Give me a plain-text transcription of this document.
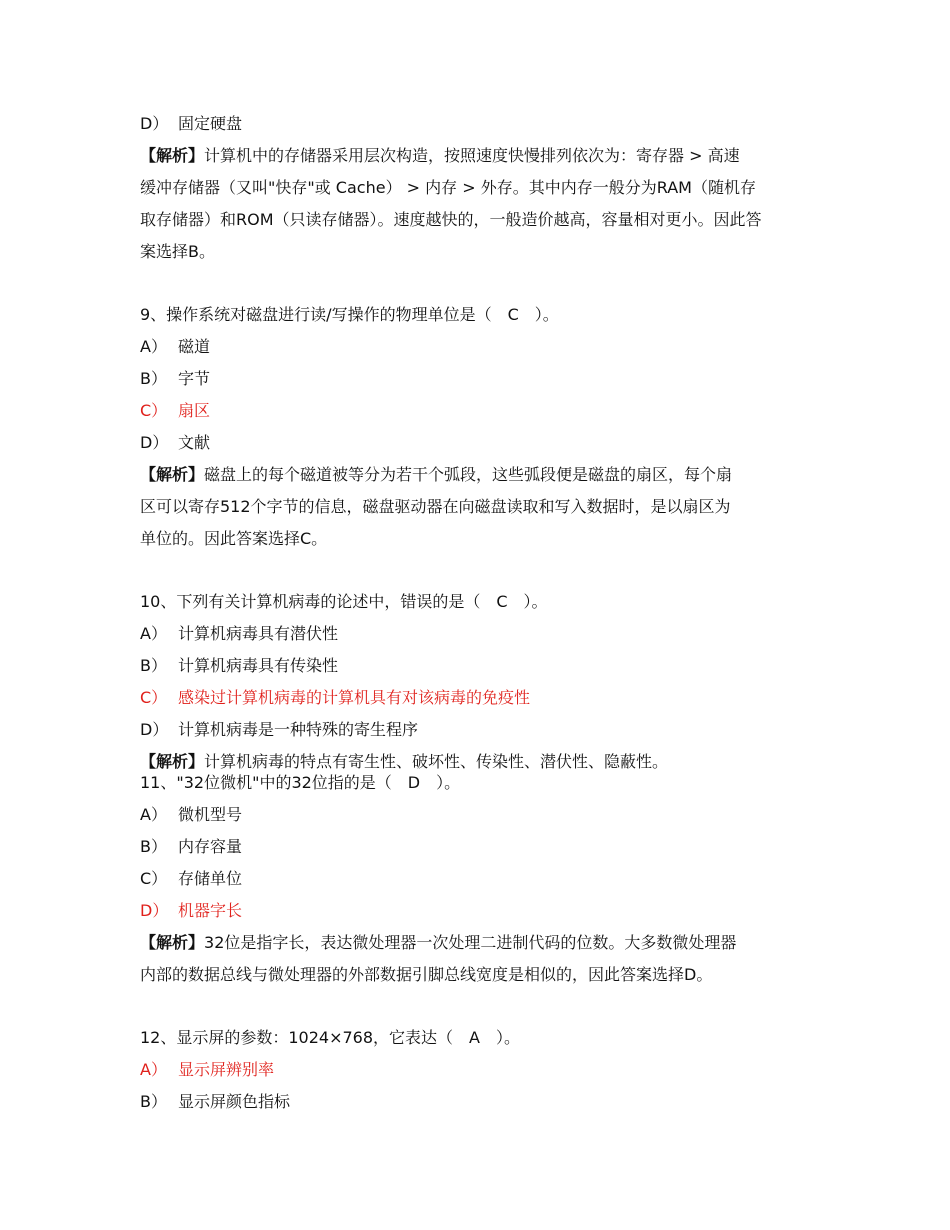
D） 固定硬盘
【解析】计算机中的存储器采用层次构造，按照速度快慢排列依次为：寄存器 > 高速
缓冲存储器（又叫"快存"或 Cache） > 内存 > 外存。其中内存一般分为RAM（随机存
取存储器）和ROM（只读存储器）。速度越快的，一般造价越高，容量相对更小。因此答
案选择B。
9、操作系统对磁盘进行读/写操作的物理单位是（　C　）。
A） 磁道
B） 字节
C） 扇区
D） 文献
【解析】磁盘上的每个磁道被等分为若干个弧段，这些弧段便是磁盘的扇区，每个扇
区可以寄存512个字节的信息，磁盘驱动器在向磁盘读取和写入数据时，是以扇区为
单位的。因此答案选择C。
10、下列有关计算机病毒的论述中，错误的是（　C　）。
A） 计算机病毒具有潜伏性
B） 计算机病毒具有传染性
C） 感染过计算机病毒的计算机具有对该病毒的免疫性
D） 计算机病毒是一种特殊的寄生程序
【解析】计算机病毒的特点有寄生性、破坏性、传染性、潜伏性、隐蔽性。
11、"32位微机"中的32位指的是（　D　）。
A） 微机型号
B） 内存容量
C） 存储单位
D） 机器字长
【解析】32位是指字长，表达微处理器一次处理二进制代码的位数。大多数微处理器
内部的数据总线与微处理器的外部数据引脚总线宽度是相似的，因此答案选择D。
12、显示屏的参数：1024×768，它表达（　A　）。
A） 显示屏辨别率
B） 显示屏颜色指标
